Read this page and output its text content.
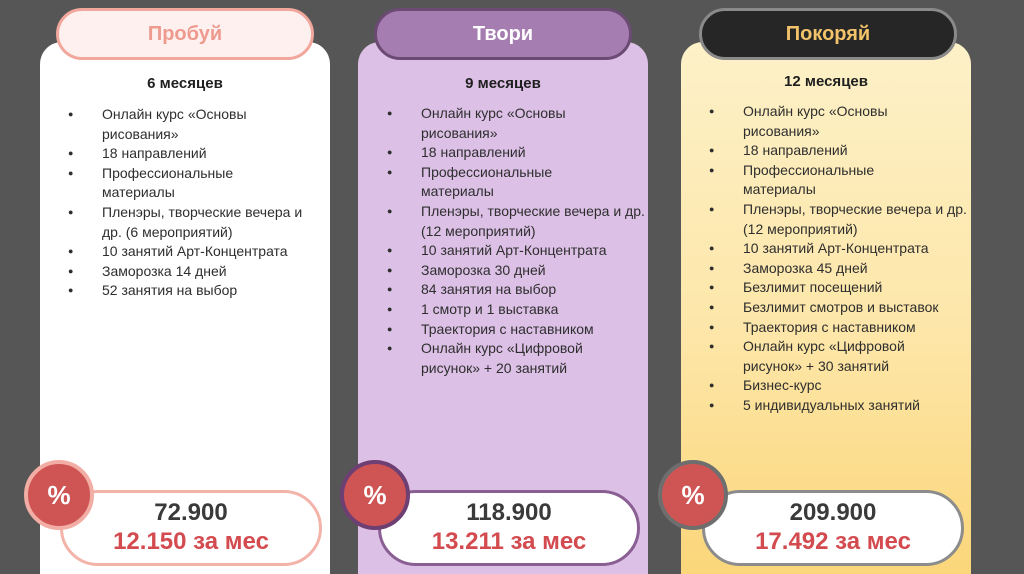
Пробуй
6 месяцев
● Онлайн курс «Основы рисования»
● 18 направлений
● Профессиональные материалы
● Пленэры, творческие вечера и др. (6 мероприятий)
● 10 занятий Арт-Концентрата
● Заморозка 14 дней
● 52 занятия на выбор
72.900
12.150 за мес
%
Твори
9 месяцев
● Онлайн курс «Основы рисования»
● 18 направлений
● Профессиональные материалы
● Пленэры, творческие вечера и др. (12 мероприятий)
● 10 занятий Арт-Концентрата
● Заморозка 30 дней
● 84 занятия на выбор
● 1 смотр и 1 выставка
● Траектория с наставником
● Онлайн курс «Цифровой рисунок» + 20 занятий
118.900
13.211 за мес
%
Покоряй
12 месяцев
● Онлайн курс «Основы рисования»
● 18 направлений
● Профессиональные материалы
● Пленэры, творческие вечера и др. (12 мероприятий)
● 10 занятий Арт-Концентрата
● Заморозка 45 дней
● Безлимит посещений
● Безлимит смотров и выставок
● Траектория с наставником
● Онлайн курс «Цифровой рисунок» + 30 занятий
● Бизнес-курс
● 5 индивидуальных занятий
209.900
17.492 за мес
%
